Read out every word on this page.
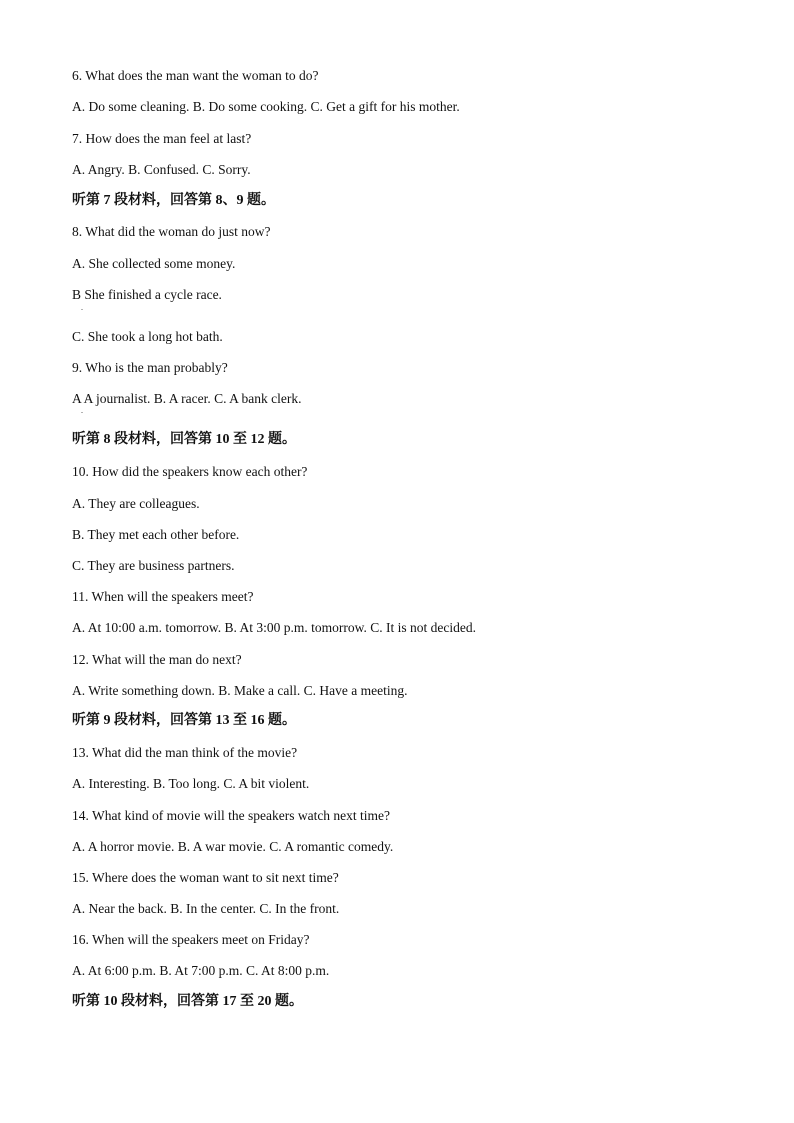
6. What does the man want the woman to do?
A. Do some cleaning. B. Do some cooking. C. Get a gift for his mother.
7. How does the man feel at last?
A. Angry. B. Confused. C. Sorry.
听第 7 段材料，回答第 8、9 题。
8. What did the woman do just now?
A. She collected some money.
B She finished a cycle race.
.
C. She took a long hot bath.
9. Who is the man probably?
A A journalist. B. A racer. C. A bank clerk.
.
听第 8 段材料，回答第 10 至 12 题。
10. How did the speakers know each other?
A. They are colleagues.
B. They met each other before.
C. They are business partners.
11. When will the speakers meet?
A. At 10:00 a.m. tomorrow. B. At 3:00 p.m. tomorrow. C. It is not decided.
12. What will the man do next?
A. Write something down. B. Make a call. C. Have a meeting.
听第 9 段材料，回答第 13 至 16 题。
13. What did the man think of the movie?
A. Interesting. B. Too long. C. A bit violent.
14. What kind of movie will the speakers watch next time?
A. A horror movie. B. A war movie. C. A romantic comedy.
15. Where does the woman want to sit next time?
A. Near the back. B. In the center. C. In the front.
16. When will the speakers meet on Friday?
A. At 6:00 p.m. B. At 7:00 p.m. C. At 8:00 p.m.
听第 10 段材料，回答第 17 至 20 题。
